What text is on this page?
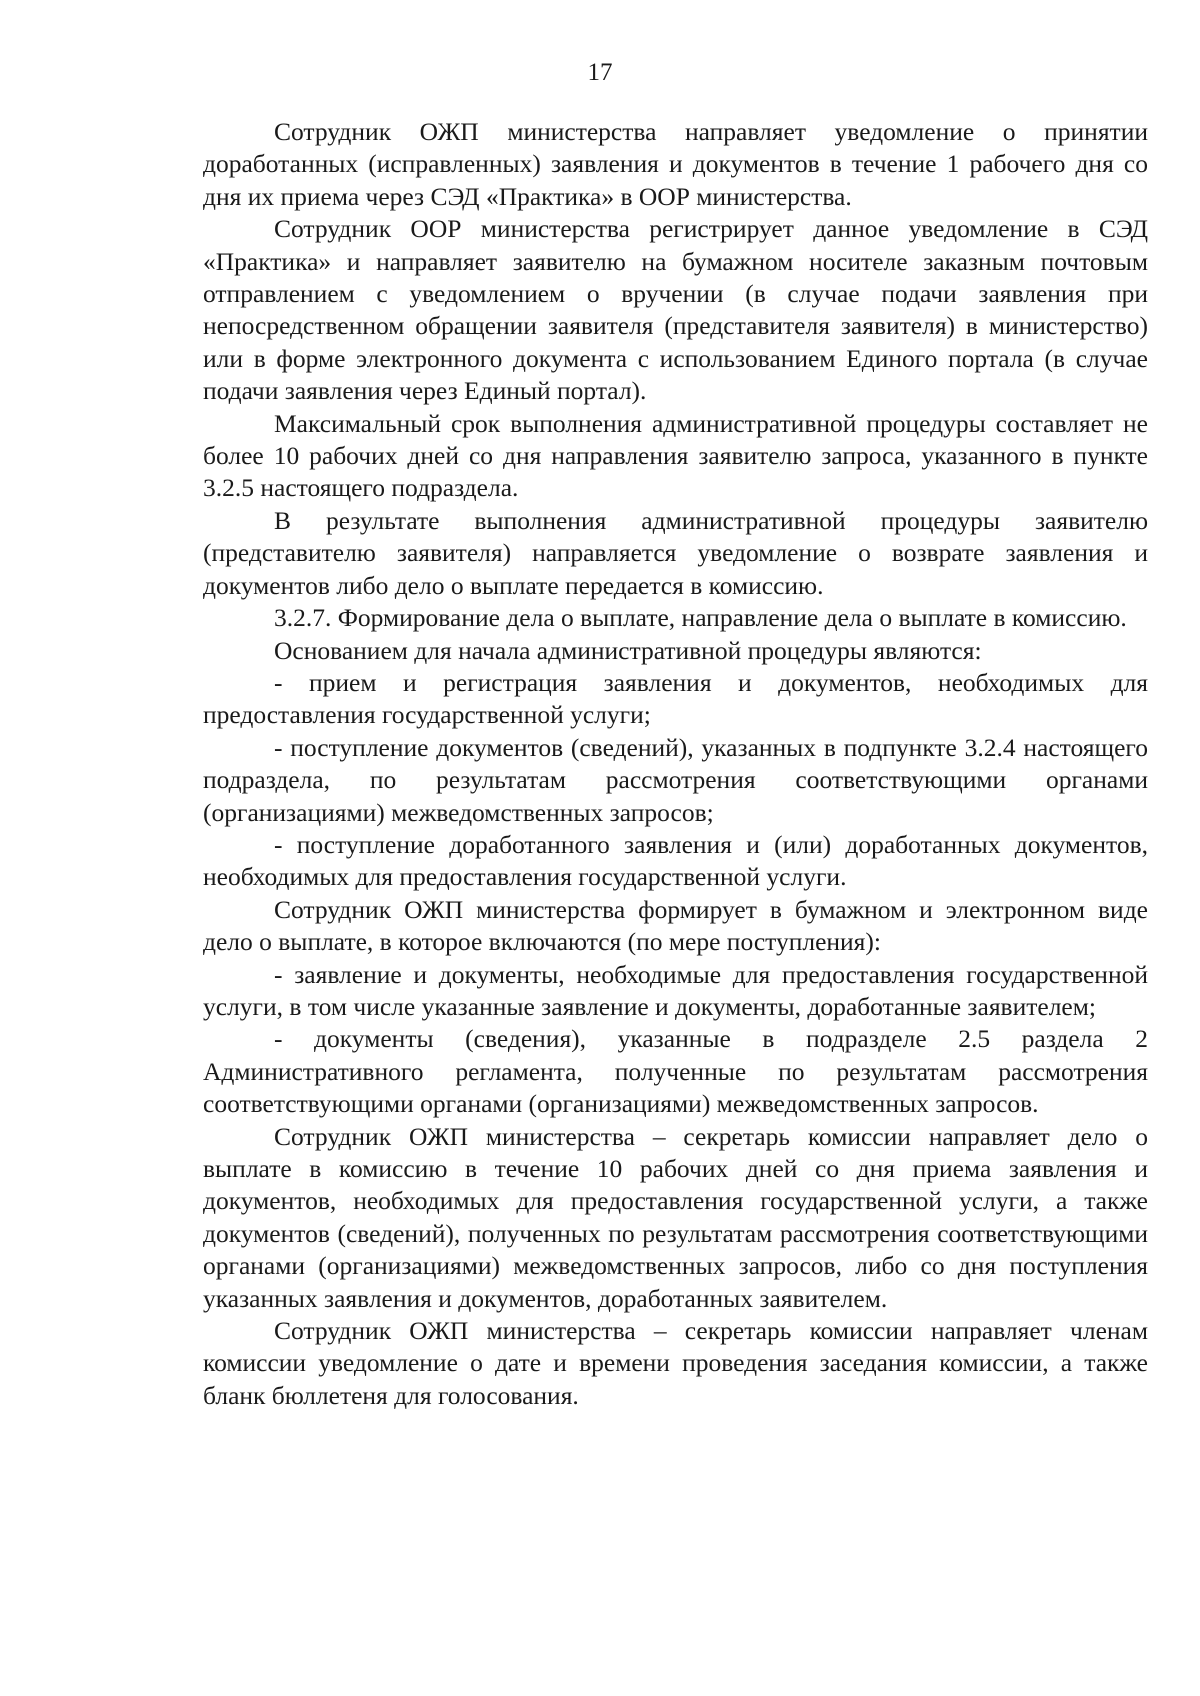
17

Сотрудник ОЖП министерства направляет уведомление о принятии доработанных (исправленных) заявления и документов в течение 1 рабочего дня со дня их приема через СЭД «Практика» в ООР министерства.

Сотрудник ООР министерства регистрирует данное уведомление в СЭД «Практика» и направляет заявителю на бумажном носителе заказным почтовым отправлением с уведомлением о вручении (в случае подачи заявления при непосредственном обращении заявителя (представителя заявителя) в министерство) или в форме электронного документа с использованием Единого портала (в случае подачи заявления через Единый портал).

Максимальный срок выполнения административной процедуры составляет не более 10 рабочих дней со дня направления заявителю запроса, указанного в пункте 3.2.5 настоящего подраздела.

В результате выполнения административной процедуры заявителю (представителю заявителя) направляется уведомление о возврате заявления и документов либо дело о выплате передается в комиссию.

3.2.7. Формирование дела о выплате, направление дела о выплате в комиссию.

Основанием для начала административной процедуры являются:

- прием и регистрация заявления и документов, необходимых для предоставления государственной услуги;

- поступление документов (сведений), указанных в подпункте 3.2.4 настоящего подраздела, по результатам рассмотрения соответствующими органами (организациями) межведомственных запросов;

- поступление доработанного заявления и (или) доработанных документов, необходимых для предоставления государственной услуги.

Сотрудник ОЖП министерства формирует в бумажном и электронном виде дело о выплате, в которое включаются (по мере поступления):

- заявление и документы, необходимые для предоставления государственной услуги, в том числе указанные заявление и документы, доработанные заявителем;

- документы (сведения), указанные в подразделе 2.5 раздела 2 Административного регламента, полученные по результатам рассмотрения соответствующими органами (организациями) межведомственных запросов.

Сотрудник ОЖП министерства – секретарь комиссии направляет дело о выплате в комиссию в течение 10 рабочих дней со дня приема заявления и документов, необходимых для предоставления государственной услуги, а также документов (сведений), полученных по результатам рассмотрения соответствующими органами (организациями) межведомственных запросов, либо со дня поступления указанных заявления и документов, доработанных заявителем.

Сотрудник ОЖП министерства – секретарь комиссии направляет членам комиссии уведомление о дате и времени проведения заседания комиссии, а также бланк бюллетеня для голосования.
